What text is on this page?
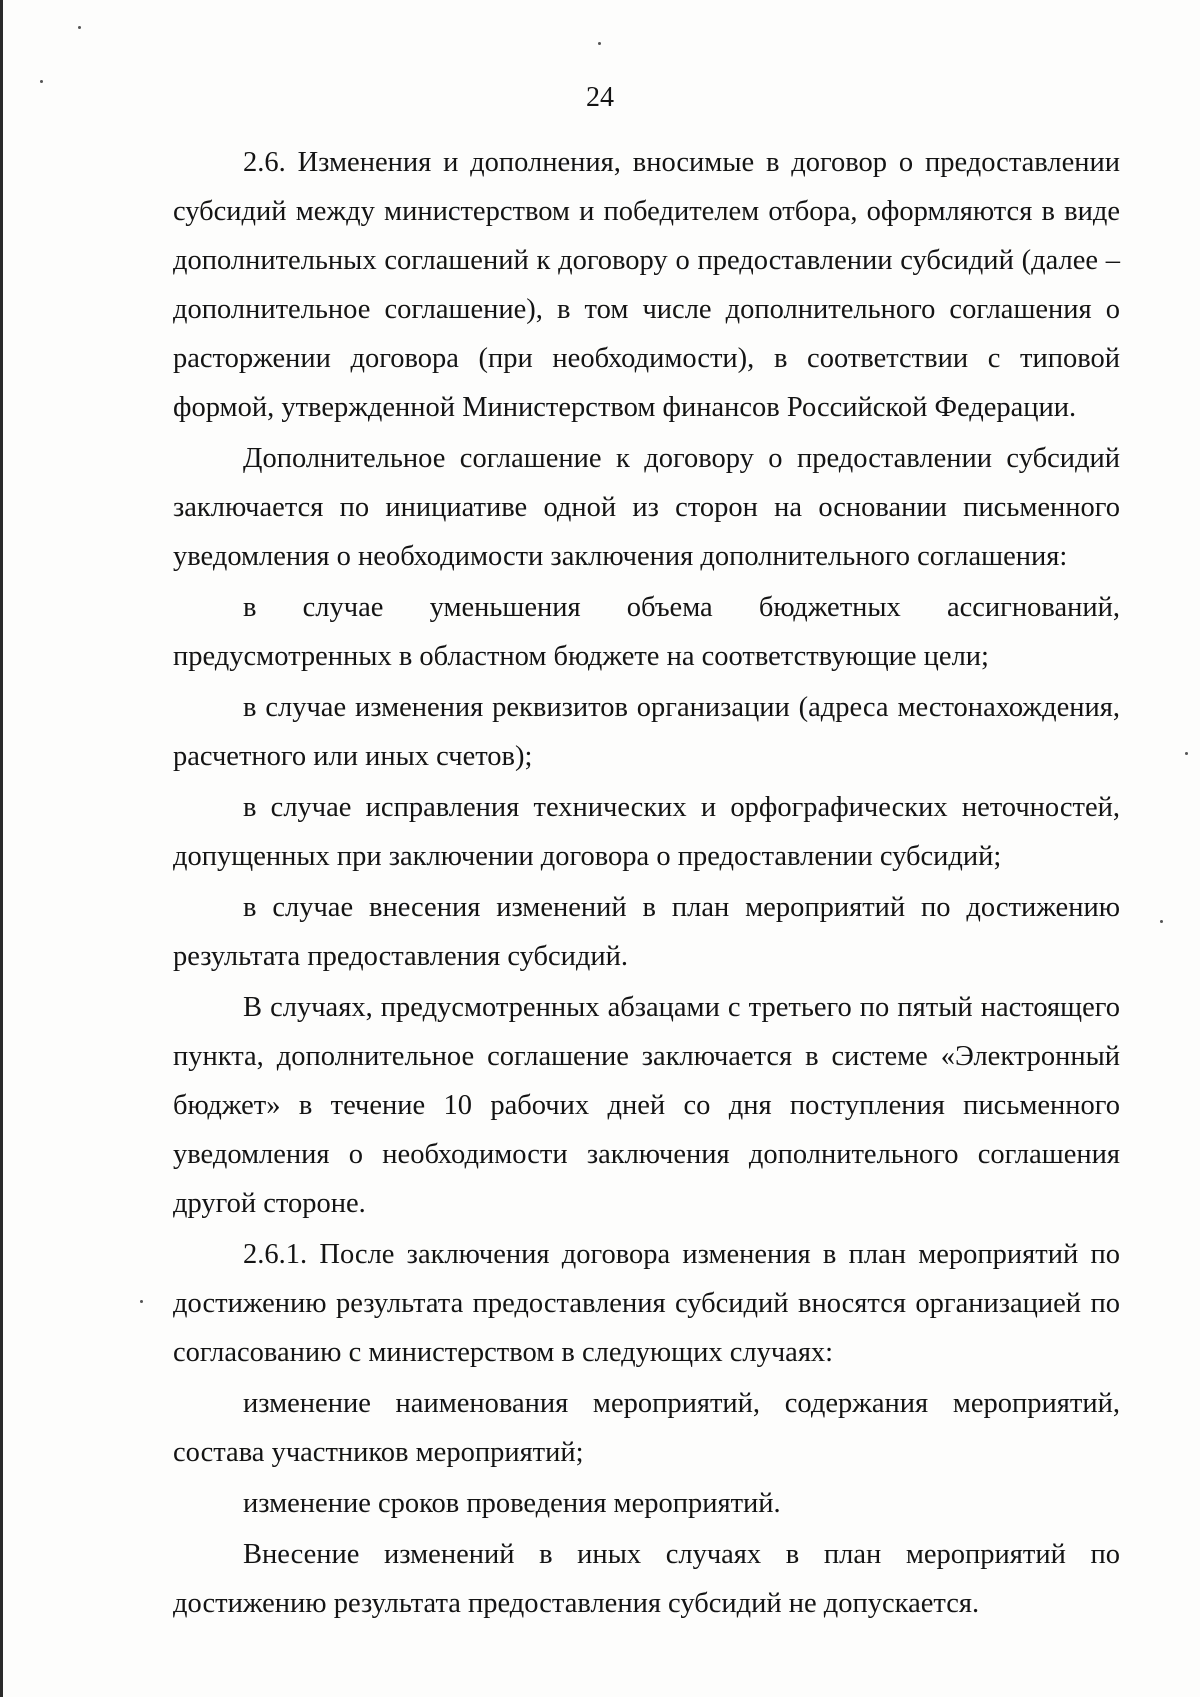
24

2.6. Изменения и дополнения, вносимые в договор о предоставлении субсидий между министерством и победителем отбора, оформляются в виде дополнительных соглашений к договору о предоставлении субсидий (далее – дополнительное соглашение), в том числе дополнительного соглашения о расторжении договора (при необходимости), в соответствии с типовой формой, утвержденной Министерством финансов Российской Федерации.

Дополнительное соглашение к договору о предоставлении субсидий заключается по инициативе одной из сторон на основании письменного уведомления о необходимости заключения дополнительного соглашения:

в случае уменьшения объема бюджетных ассигнований, предусмотренных в областном бюджете на соответствующие цели;

в случае изменения реквизитов организации (адреса местонахождения, расчетного или иных счетов);

в случае исправления технических и орфографических неточностей, допущенных при заключении договора о предоставлении субсидий;

в случае внесения изменений в план мероприятий по достижению результата предоставления субсидий.

В случаях, предусмотренных абзацами с третьего по пятый настоящего пункта, дополнительное соглашение заключается в системе «Электронный бюджет» в течение 10 рабочих дней со дня поступления письменного уведомления о необходимости заключения дополнительного соглашения другой стороне.

2.6.1. После заключения договора изменения в план мероприятий по достижению результата предоставления субсидий вносятся организацией по согласованию с министерством в следующих случаях:

изменение наименования мероприятий, содержания мероприятий, состава участников мероприятий;

изменение сроков проведения мероприятий.

Внесение изменений в иных случаях в план мероприятий по достижению результата предоставления субсидий не допускается.
